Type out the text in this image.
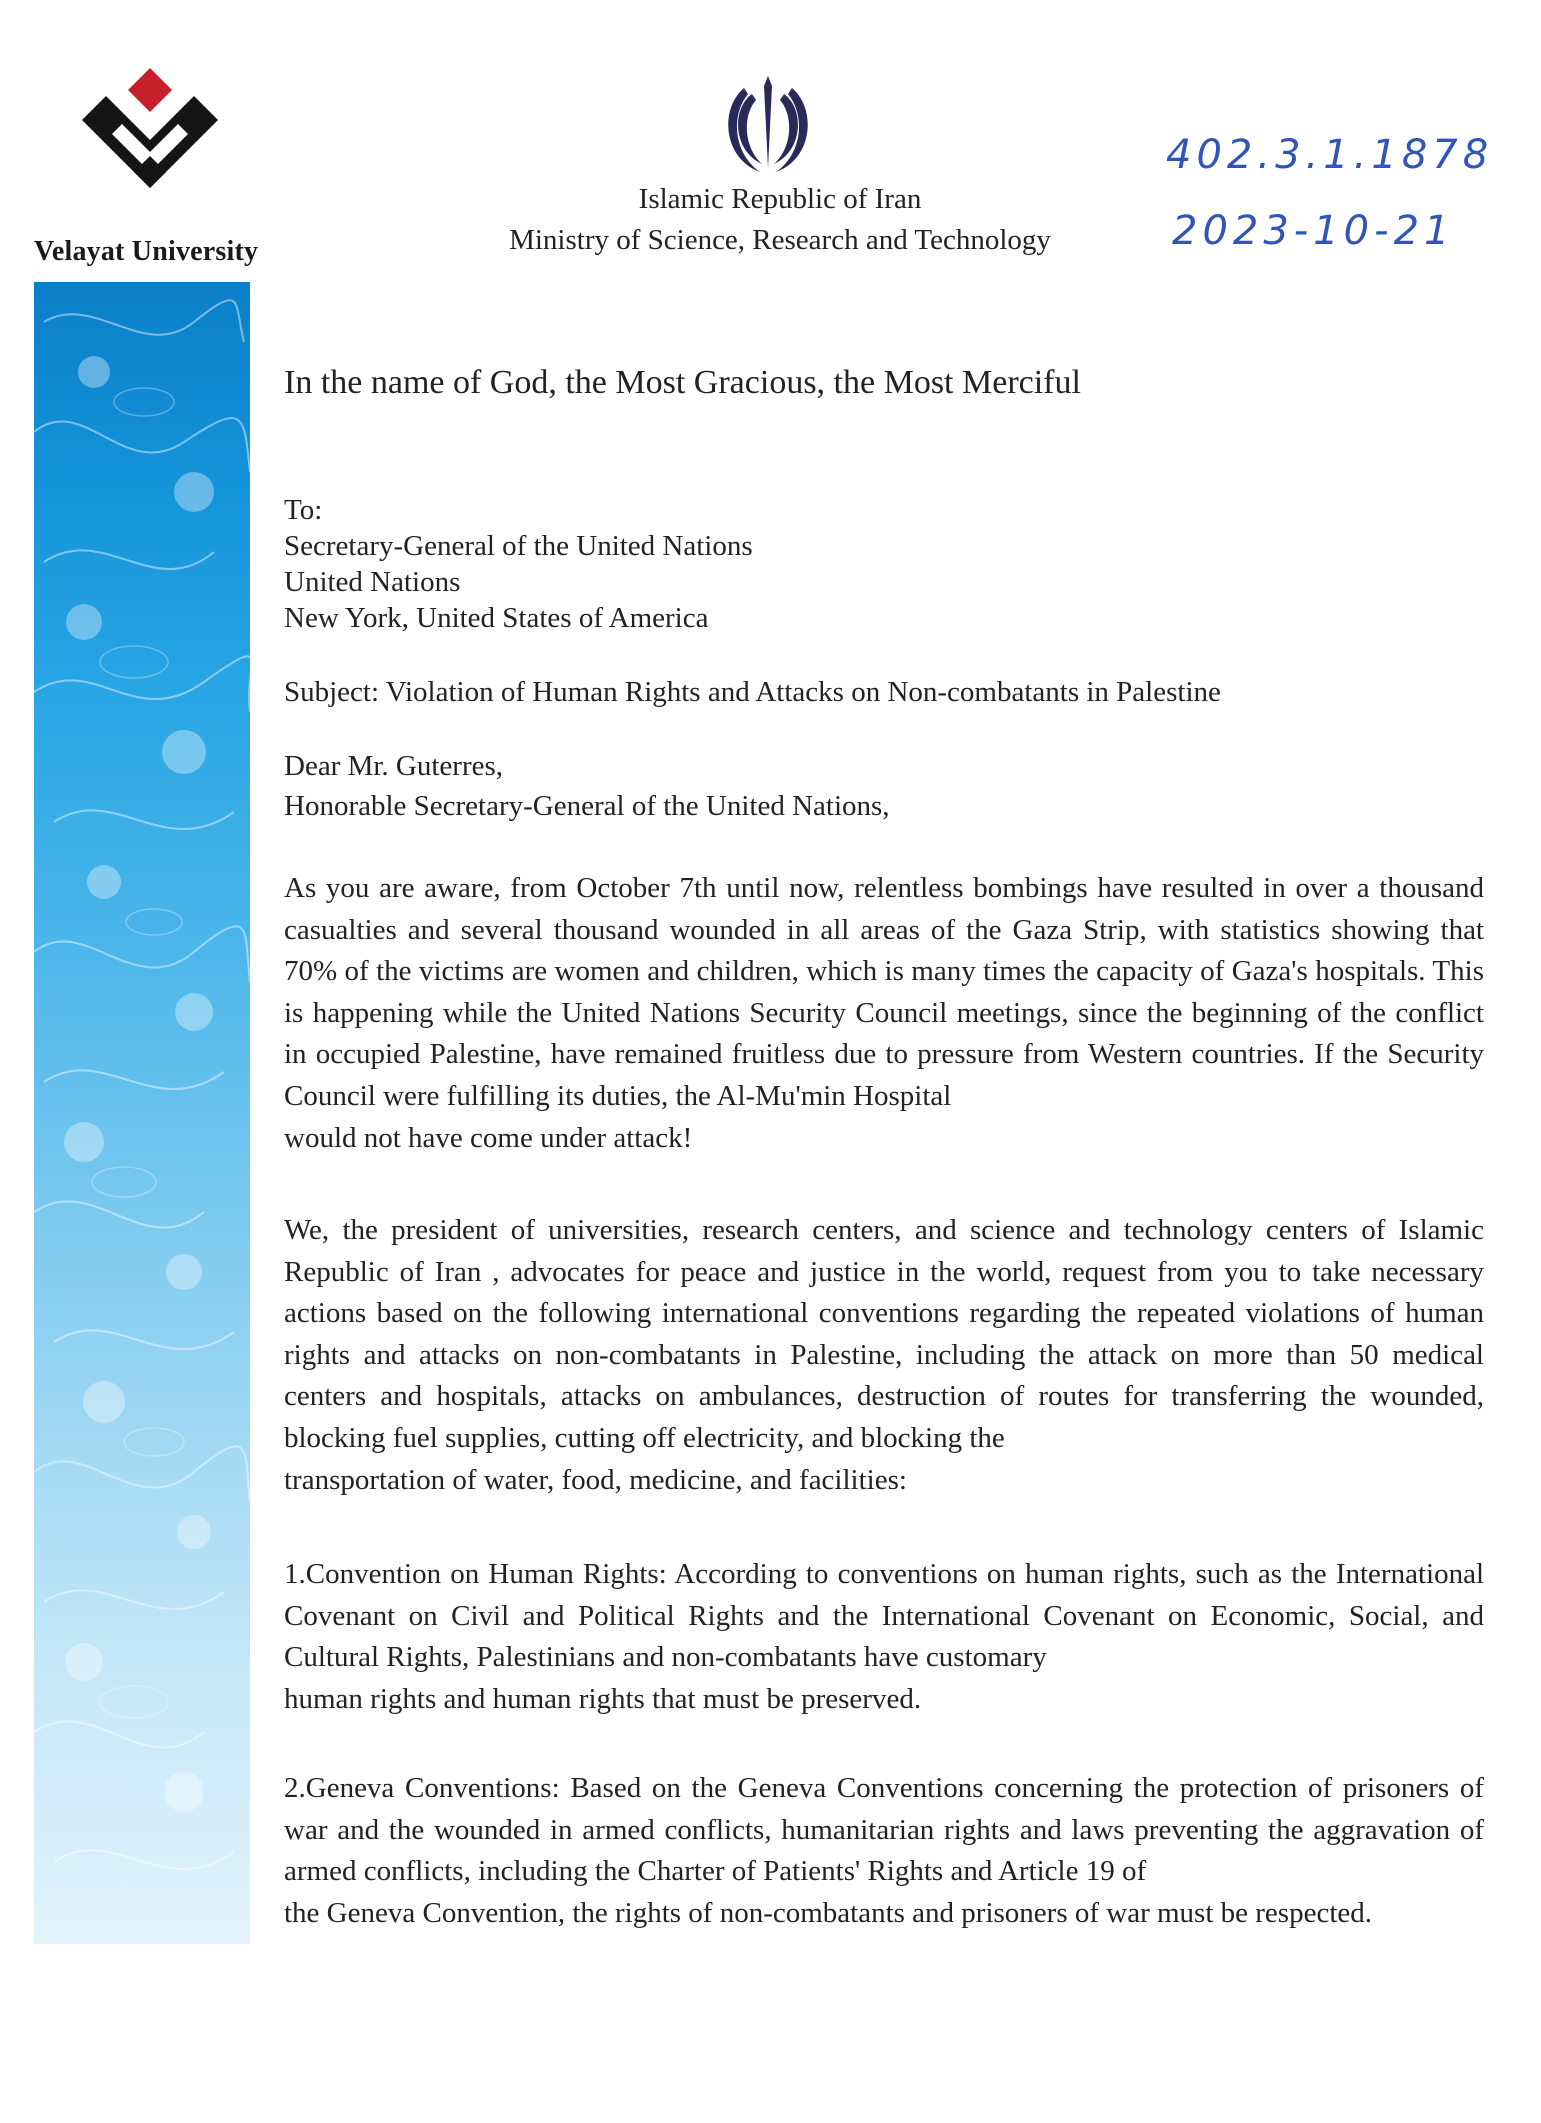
Velayat University
Islamic Republic of Iran
Ministry of Science, Research and Technology
402.3.1.1878
2023-10-21
In the name of God, the Most Gracious, the Most Merciful
To:
Secretary-General of the United Nations
United Nations
New York, United States of America
Subject: Violation of Human Rights and Attacks on Non-combatants in Palestine
Dear Mr. Guterres,
Honorable Secretary-General of the United Nations,
As you are aware, from October 7th until now, relentless bombings have resulted in over a thousand casualties and several thousand wounded in all areas of the Gaza Strip, with statistics showing that 70% of the victims are women and children, which is many times the capacity of Gaza's hospitals. This is happening while the United Nations Security Council meetings, since the beginning of the conflict in occupied Palestine, have remained fruitless due to pressure from Western countries. If the Security Council were fulfilling its duties, the Al-Mu'min Hospital
would not have come under attack!
We, the president of universities, research centers, and science and technology centers of Islamic Republic of Iran , advocates for peace and justice in the world, request from you to take necessary actions based on the following international conventions regarding the repeated violations of human rights and attacks on non-combatants in Palestine, including the attack on more than 50 medical centers and hospitals, attacks on ambulances, destruction of routes for transferring the wounded, blocking fuel supplies, cutting off electricity, and blocking the
transportation of water, food, medicine, and facilities:
1.Convention on Human Rights: According to conventions on human rights, such as the International Covenant on Civil and Political Rights and the International Covenant on Economic, Social, and Cultural Rights, Palestinians and non-combatants have customary
human rights and human rights that must be preserved.
2.Geneva Conventions: Based on the Geneva Conventions concerning the protection of prisoners of war and the wounded in armed conflicts, humanitarian rights and laws preventing the aggravation of armed conflicts, including the Charter of Patients' Rights and Article 19 of
the Geneva Convention, the rights of non-combatants and prisoners of war must be respected.
